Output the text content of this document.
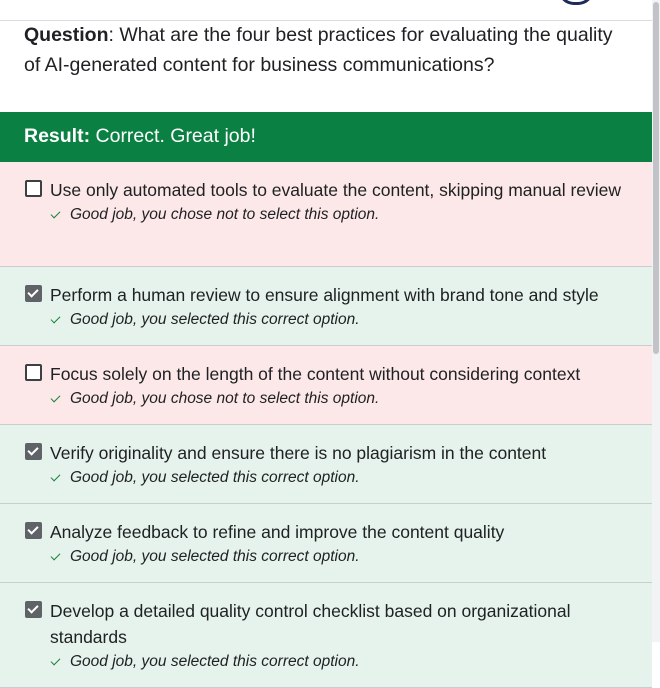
Question: What are the four best practices for evaluating the quality of AI-generated content for business communications?
Result: Correct. Great job!
Use only automated tools to evaluate the content, skipping manual review
Good job, you chose not to select this option.
Perform a human review to ensure alignment with brand tone and style
Good job, you selected this correct option.
Focus solely on the length of the content without considering context
Good job, you chose not to select this option.
Verify originality and ensure there is no plagiarism in the content
Good job, you selected this correct option.
Analyze feedback to refine and improve the content quality
Good job, you selected this correct option.
Develop a detailed quality control checklist based on organizational standards
Good job, you selected this correct option.
